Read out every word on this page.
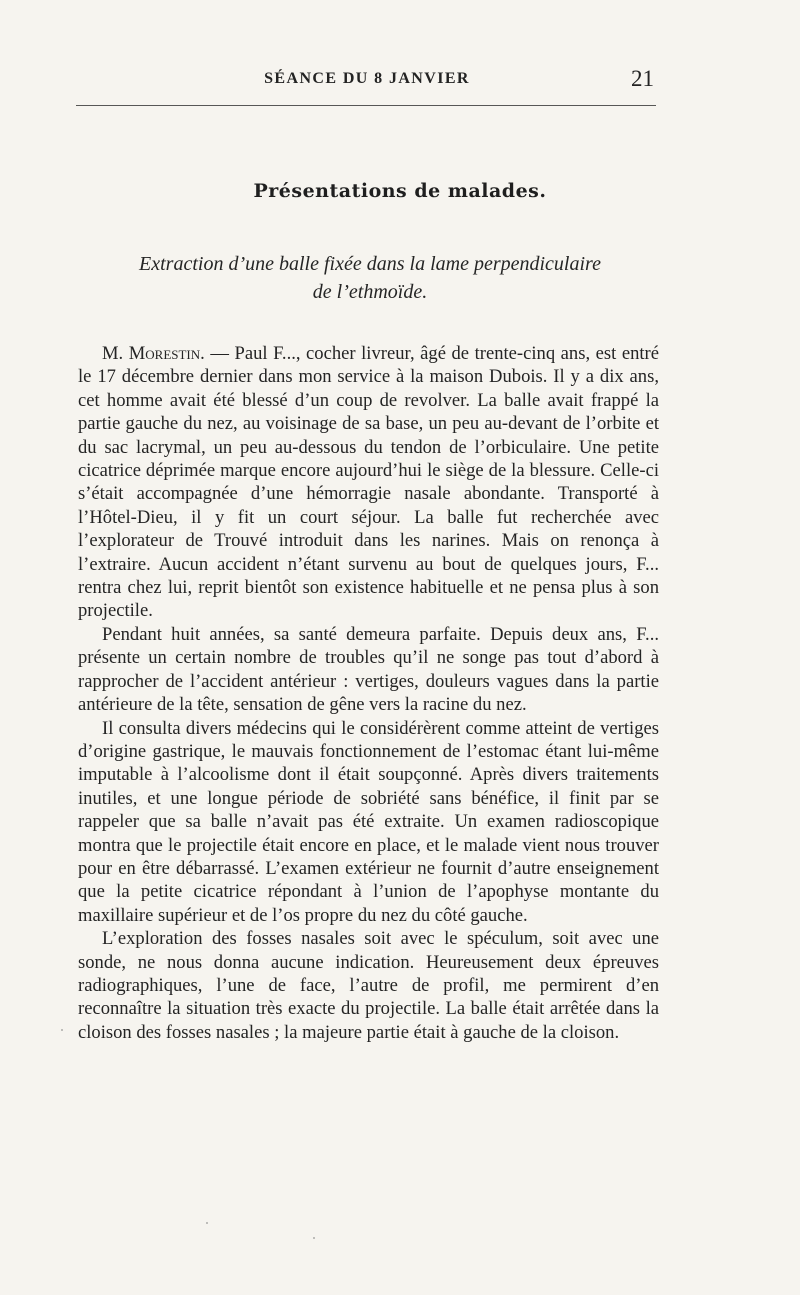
SÉANCE DU 8 JANVIER	21
Présentations de malades.
Extraction d’une balle fixée dans la lame perpendiculaire
de l’ethmoïde.

M. Morestin. — Paul F..., cocher livreur, âgé de trente-cinq ans, est entré le 17 décembre dernier dans mon service à la maison Dubois. Il y a dix ans, cet homme avait été blessé d’un coup de revolver. La balle avait frappé la partie gauche du nez, au voisinage de sa base, un peu au-devant de l’orbite et du sac lacrymal, un peu au-dessous du tendon de l’orbiculaire. Une petite cicatrice déprimée marque encore aujourd’hui le siège de la blessure. Celle-ci s’était accompagnée d’une hémorragie nasale abondante. Transporté à l’Hôtel-Dieu, il y fit un court séjour. La balle fut recherchée avec l’explorateur de Trouvé introduit dans les narines. Mais on renonça à l’extraire. Aucun accident n’étant survenu au bout de quelques jours, F... rentra chez lui, reprit bientôt son existence habituelle et ne pensa plus à son projectile.

Pendant huit années, sa santé demeura parfaite. Depuis deux ans, F... présente un certain nombre de troubles qu’il ne songe pas tout d’abord à rapprocher de l’accident antérieur : vertiges, douleurs vagues dans la partie antérieure de la tête, sensation de gêne vers la racine du nez.

Il consulta divers médecins qui le considérèrent comme atteint de vertiges d’origine gastrique, le mauvais fonctionnement de l’estomac étant lui-même imputable à l’alcoolisme dont il était soupçonné. Après divers traitements inutiles, et une longue période de sobriété sans bénéfice, il finit par se rappeler que sa balle n’avait pas été extraite. Un examen radioscopique montra que le projectile était encore en place, et le malade vient nous trouver pour en être débarrassé. L’examen extérieur ne fournit d’autre enseignement que la petite cicatrice répondant à l’union de l’apophyse montante du maxillaire supérieur et de l’os propre du nez du côté gauche.

L’exploration des fosses nasales soit avec le spéculum, soit avec une sonde, ne nous donna aucune indication. Heureusement deux épreuves radiographiques, l’une de face, l’autre de profil, me permirent d’en reconnaître la situation très exacte du projectile. La balle était arrêtée dans la cloison des fosses nasales ; la majeure partie était à gauche de la cloison.
